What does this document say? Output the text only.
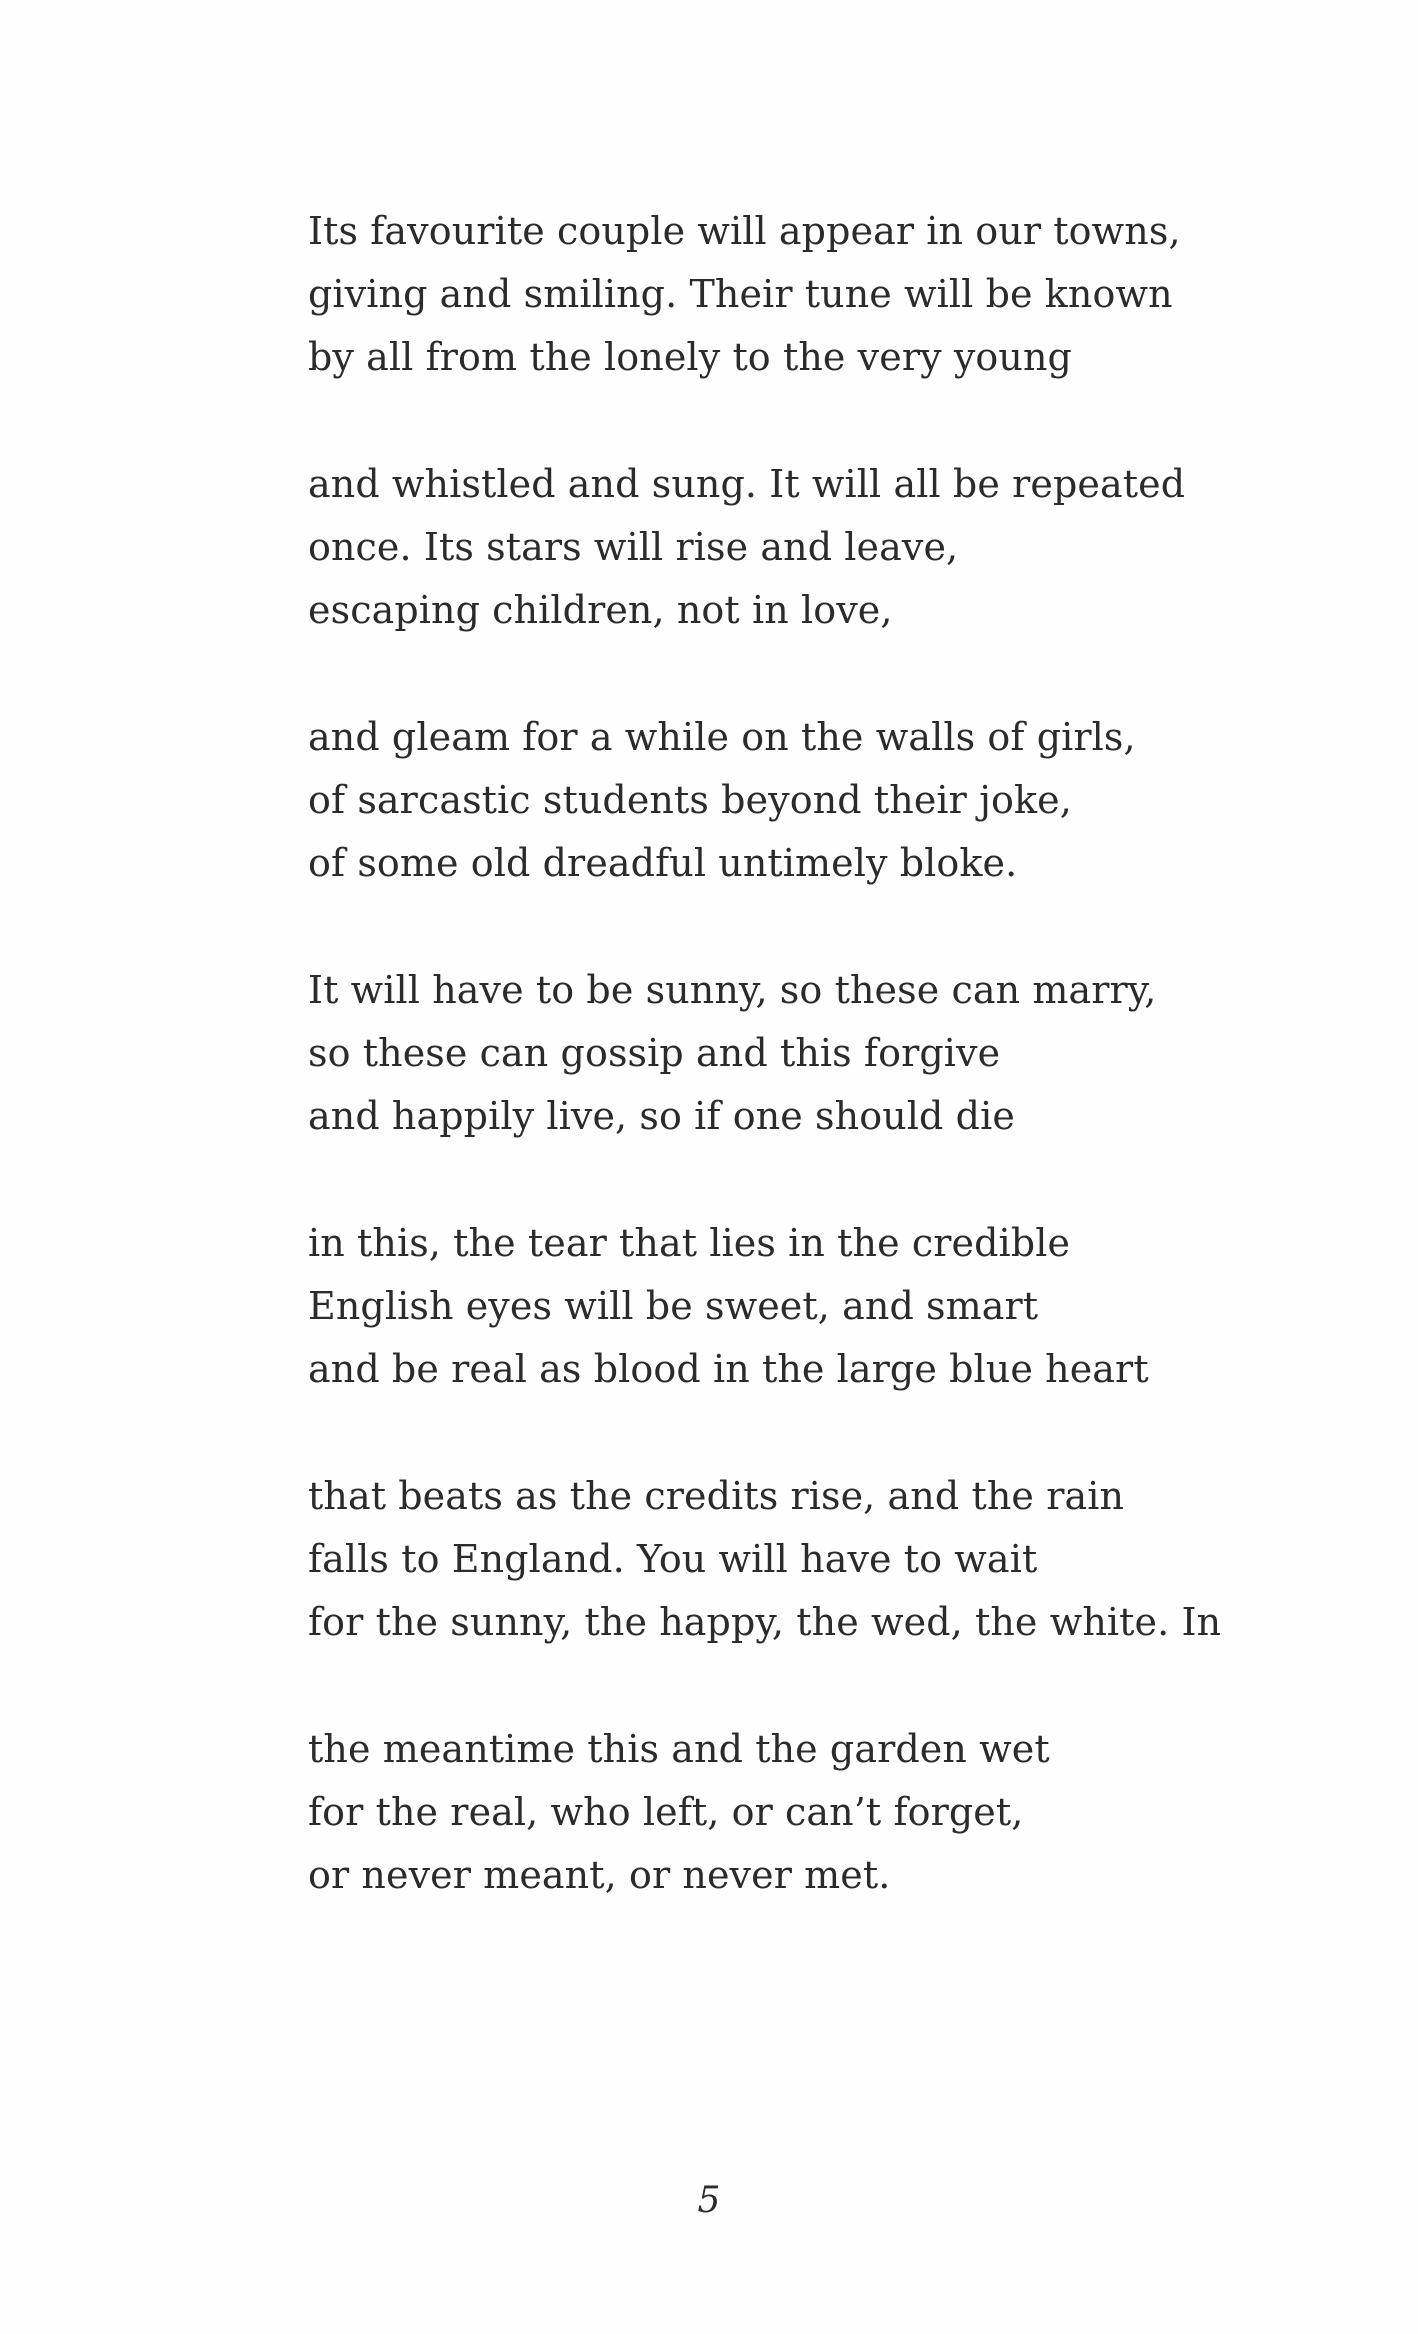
Its favourite couple will appear in our towns,
giving and smiling. Their tune will be known
by all from the lonely to the very young
and whistled and sung. It will all be repeated
once. Its stars will rise and leave,
escaping children, not in love,
and gleam for a while on the walls of girls,
of sarcastic students beyond their joke,
of some old dreadful untimely bloke.
It will have to be sunny, so these can marry,
so these can gossip and this forgive
and happily live, so if one should die
in this, the tear that lies in the credible
English eyes will be sweet, and smart
and be real as blood in the large blue heart
that beats as the credits rise, and the rain
falls to England. You will have to wait
for the sunny, the happy, the wed, the white. In
the meantime this and the garden wet
for the real, who left, or can’t forget,
or never meant, or never met.
5
